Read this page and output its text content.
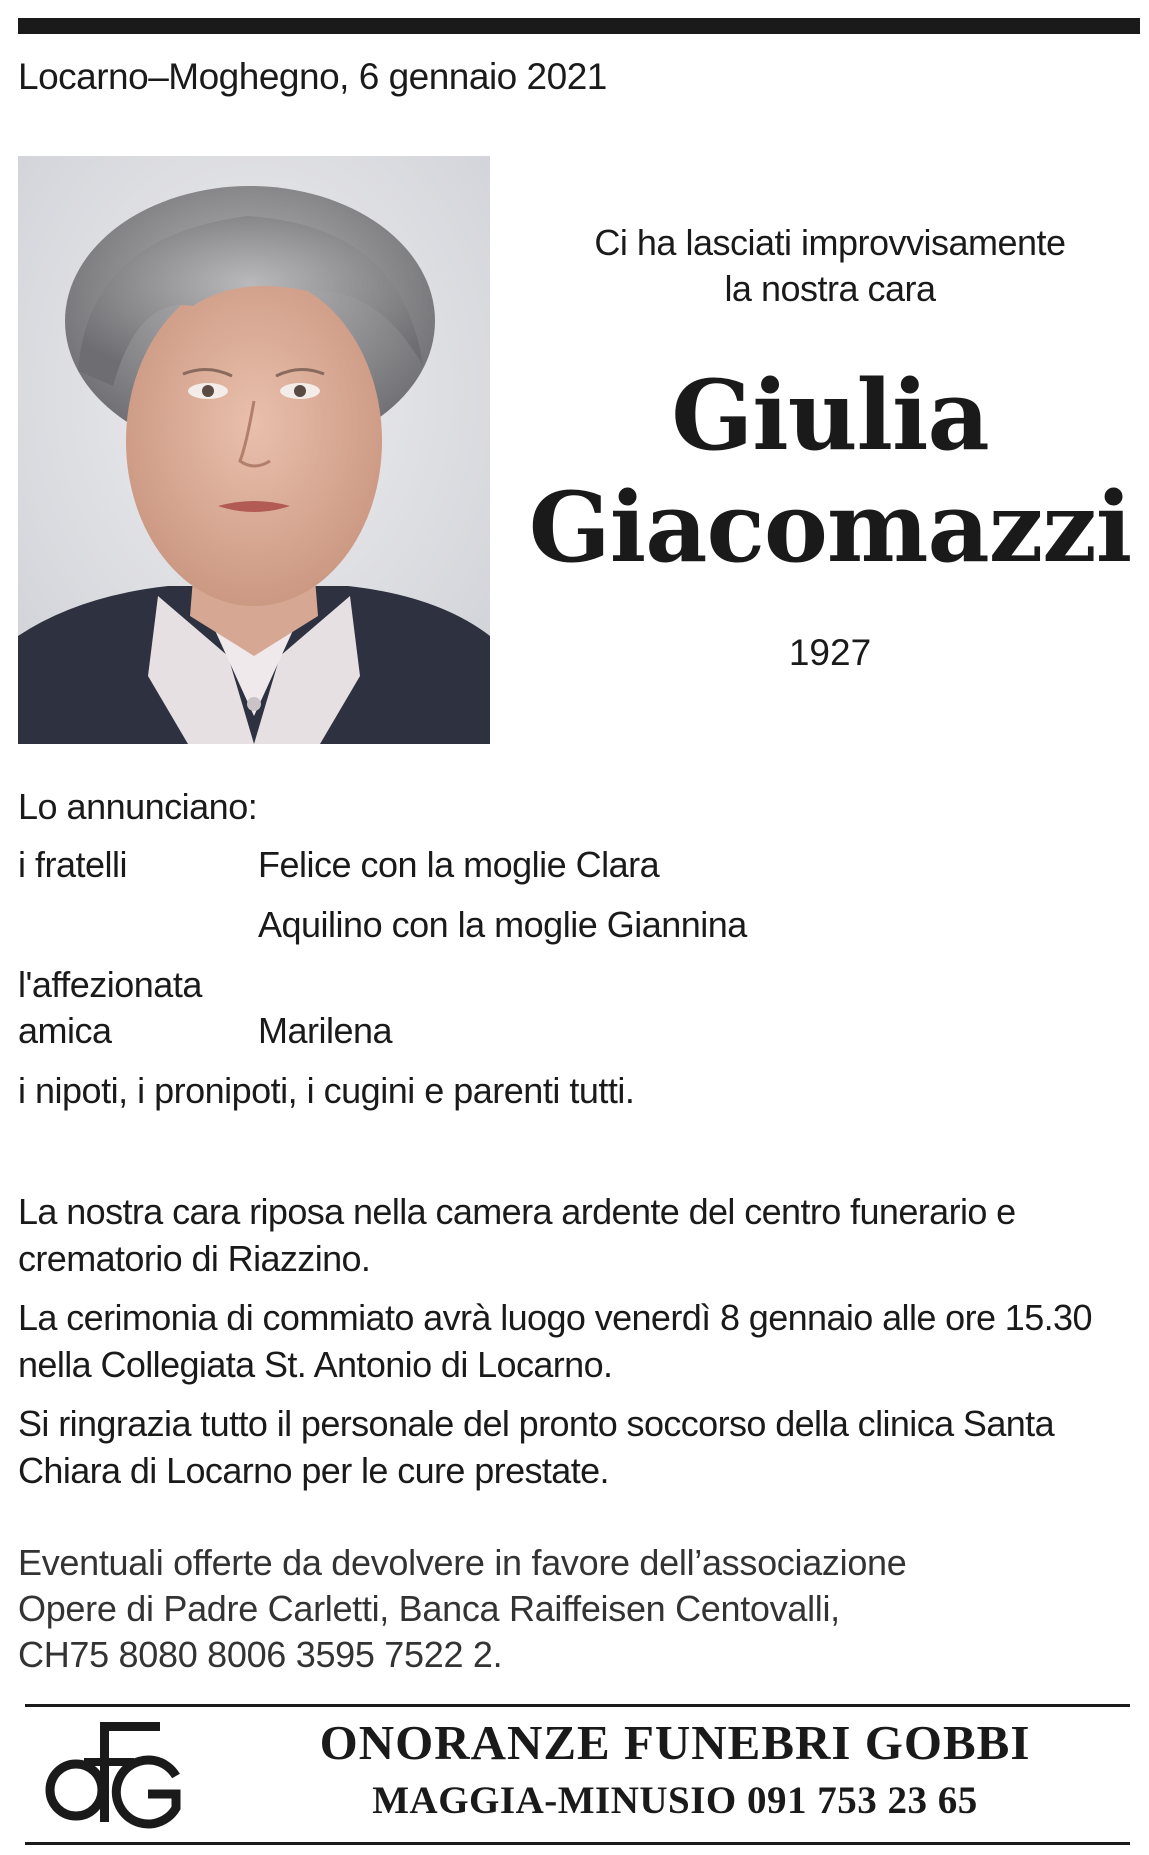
Locarno–Moghegno, 6 gennaio 2021
Ci ha lasciati improvvisamente
la nostra cara
Giulia
Giacomazzi
1927
Lo annunciano:
i fratelli	Felice con la moglie Clara
Aquilino con la moglie Giannina
l'affezionata
amica	Marilena
i nipoti, i pronipoti, i cugini e parenti tutti.

La nostra cara riposa nella camera ardente del centro funerario e crematorio di Riazzino.

La cerimonia di commiato avrà luogo venerdì 8 gennaio alle ore 15.30 nella Collegiata St. Antonio di Locarno.

Si ringrazia tutto il personale del pronto soccorso della clinica Santa Chiara di Locarno per le cure prestate.

Eventuali offerte da devolvere in favore dell’associazione
Opere di Padre Carletti, Banca Raiffeisen Centovalli,
CH75 8080 8006 3595 7522 2.
ONORANZE FUNEBRI GOBBI
MAGGIA-MINUSIO 091 753 23 65
